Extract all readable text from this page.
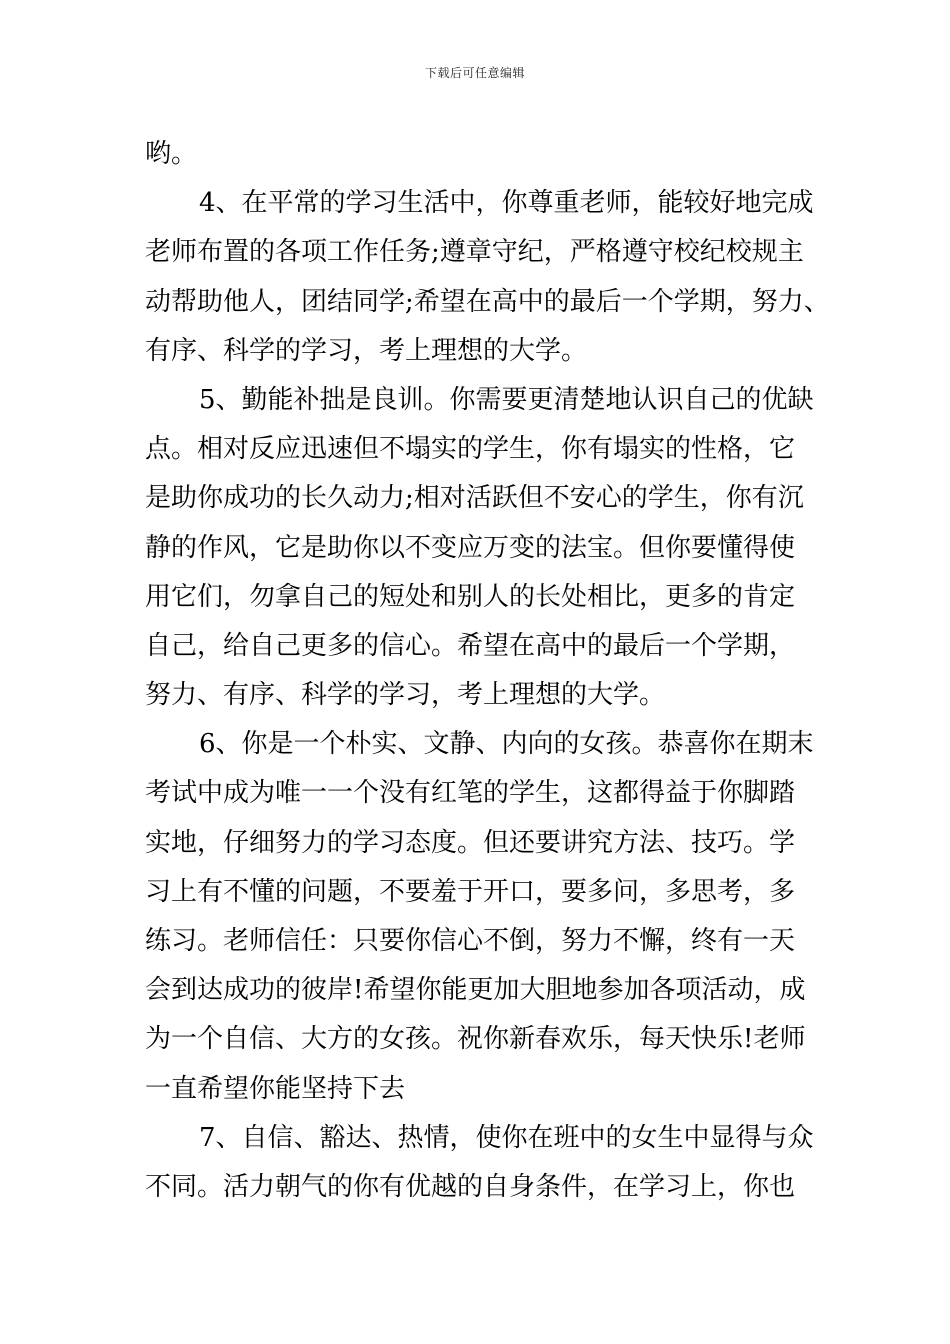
下载后可任意编辑
哟。
4、在平常的学习生活中，你尊重老师，能较好地完成
老师布置的各项工作任务;遵章守纪，严格遵守校纪校规主
动帮助他人，团结同学;希望在高中的最后一个学期，努力、
有序、科学的学习，考上理想的大学。
5、勤能补拙是良训。你需要更清楚地认识自己的优缺
点。相对反应迅速但不塌实的学生，你有塌实的性格，它
是助你成功的长久动力;相对活跃但不安心的学生，你有沉
静的作风，它是助你以不变应万变的法宝。但你要懂得使
用它们，勿拿自己的短处和别人的长处相比，更多的肯定
自己，给自己更多的信心。希望在高中的最后一个学期，
努力、有序、科学的学习，考上理想的大学。
6、你是一个朴实、文静、内向的女孩。恭喜你在期末
考试中成为唯一一个没有红笔的学生，这都得益于你脚踏
实地，仔细努力的学习态度。但还要讲究方法、技巧。学
习上有不懂的问题，不要羞于开口，要多问，多思考，多
练习。老师信任：只要你信心不倒，努力不懈，终有一天
会到达成功的彼岸!希望你能更加大胆地参加各项活动，成
为一个自信、大方的女孩。祝你新春欢乐，每天快乐!老师
一直希望你能坚持下去
7、自信、豁达、热情，使你在班中的女生中显得与众
不同。活力朝气的你有优越的自身条件，在学习上，你也
